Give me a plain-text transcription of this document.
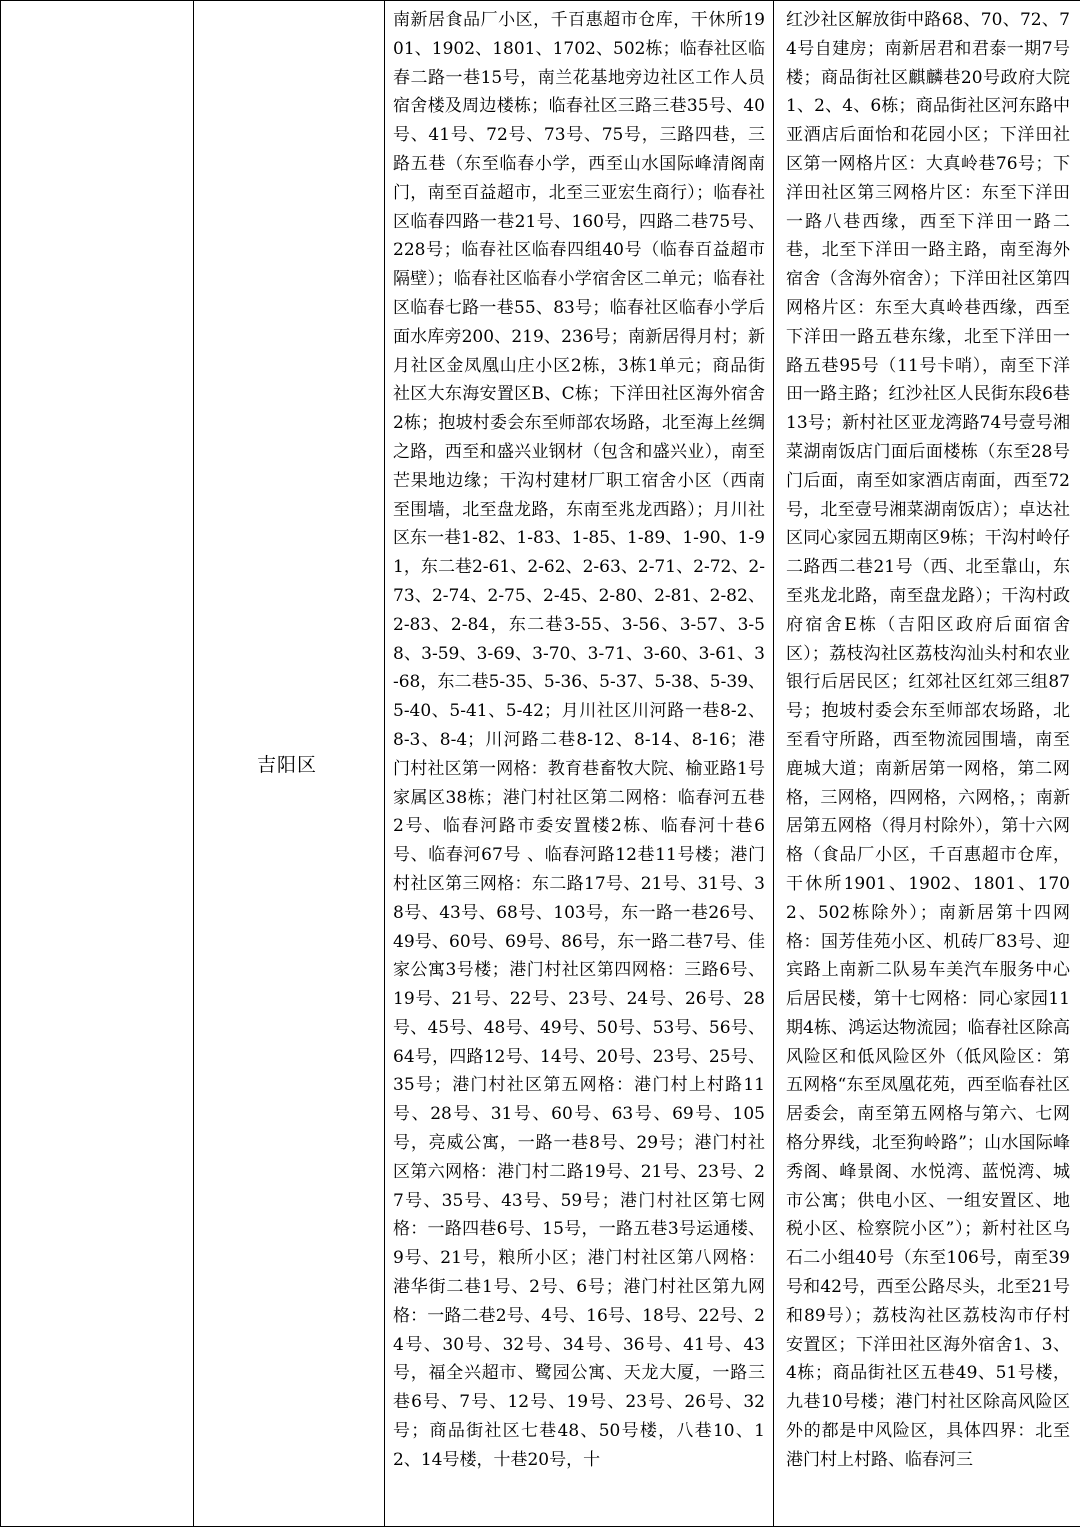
吉阳区
南新居食品厂小区，千百惠超市仓库，干休所1901、1902、1801、1702、502栋；临春社区临春二路一巷15号，南兰花基地旁边社区工作人员宿舍楼及周边楼栋；临春社区三路三巷35号、40号、41号、72号、73号、75号，三路四巷，三路五巷（东至临春小学，西至山水国际峰清阁南门，南至百益超市，北至三亚宏生商行）；临春社区临春四路一巷21号、160号，四路二巷75号、228号；临春社区临春四组40号（临春百益超市隔壁）；临春社区临春小学宿舍区二单元；临春社区临春七路一巷55、83号；临春社区临春小学后面水库旁200、219、236号；南新居得月村；新月社区金凤凰山庄小区2栋，3栋1单元；商品街社区大东海安置区B、C栋；下洋田社区海外宿舍2栋；抱坡村委会东至师部农场路，北至海上丝绸之路，西至和盛兴业钢材（包含和盛兴业），南至芒果地边缘；干沟村建材厂职工宿舍小区（西南至围墙，北至盘龙路，东南至兆龙西路）；月川社区东一巷1-82、1-83、1-85、1-89、1-90、1-91，东二巷2-61、2-62、2-63、2-71、2-72、2-73、2-74、2-75、2-45、2-80、2-81、2-82、2-83、2-84，东二巷3-55、3-56、3-57、3-58、3-59、3-69、3-70、3-71、3-60、3-61、3-68，东二巷5-35、5-36、5-37、5-38、5-39、5-40、5-41、5-42；月川社区川河路一巷8-2、8-3、8-4；川河路二巷8-12、8-14、8-16；港门村社区第一网格：教育巷畜牧大院、榆亚路1号家属区38栋；港门村社区第二网格：临春河五巷2号、临春河路市委安置楼2栋、临春河十巷6号、临春河67号 、临春河路12巷11号楼；港门村社区第三网格：东二路17号、21号、31号、38号、43号、68号、103号，东一路一巷26号、49号、60号、69号、86号，东一路二巷7号、佳家公寓3号楼；港门村社区第四网格：三路6号、19号、21号、22号、23号、24号、26号、28号、45号、48号、49号、50号、53号、56号、64号，四路12号、14号、20号、23号、25号、35号；港门村社区第五网格：港门村上村路11号、28号、31号、60号、63号、69号、105号，亮威公寓，一路一巷8号、29号；港门村社区第六网格：港门村二路19号、21号、23号、27号、35号、43号、59号；港门村社区第七网格：一路四巷6号、15号，一路五巷3号运通楼、9号、21号，粮所小区；港门村社区第八网格：港华街二巷1号、2号、6号；港门村社区第九网格：一路二巷2号、4号、16号、18号、22号、24号、30号、32号、34号、36号、41号、43号，福全兴超市、鹭园公寓、天龙大厦，一路三巷6号、7号、12号、19号、23号、26号、32号；商品街社区七巷48、50号楼，八巷10、12、14号楼，十巷20号，十
红沙社区解放街中路68、70、72、74号自建房；南新居君和君泰一期7号楼；商品街社区麒麟巷20号政府大院1、2、4、6栋；商品街社区河东路中亚酒店后面怡和花园小区；下洋田社区第一网格片区：大真岭巷76号；下洋田社区第三网格片区：东至下洋田一路八巷西缘，西至下洋田一路二巷，北至下洋田一路主路，南至海外宿舍（含海外宿舍）；下洋田社区第四网格片区：东至大真岭巷西缘，西至下洋田一路五巷东缘，北至下洋田一路五巷95号（11号卡哨），南至下洋田一路主路；红沙社区人民街东段6巷13号；新村社区亚龙湾路74号壹号湘菜湖南饭店门面后面楼栋（东至28号门后面，南至如家酒店南面，西至72号，北至壹号湘菜湖南饭店）；卓达社区同心家园五期南区9栋；干沟村岭仔二路西二巷21号（西、北至靠山，东至兆龙北路，南至盘龙路）；干沟村政府宿舍E栋（吉阳区政府后面宿舍区）；荔枝沟社区荔枝沟汕头村和农业银行后居民区；红郊社区红郊三组87号；抱坡村委会东至师部农场路，北至看守所路，西至物流园围墙，南至鹿城大道；南新居第一网格，第二网格，三网格，四网格，六网格，；南新居第五网格（得月村除外），第十六网格（食品厂小区，千百惠超市仓库，干休所1901、1902、1801、1702、502栋除外）；南新居第十四网格：国芳佳苑小区、机砖厂83号、迎宾路上南新二队易车美汽车服务中心后居民楼，第十七网格：同心家园11期4栋、鸿运达物流园；临春社区除高风险区和低风险区外（低风险区：第五网格“东至凤凰花苑，西至临春社区居委会，南至第五网格与第六、七网格分界线，北至狗岭路”；山水国际峰秀阁、峰景阁、水悦湾、蓝悦湾、城市公寓；供电小区、一组安置区、地税小区、检察院小区”）；新村社区乌石二小组40号（东至106号，南至39号和42号，西至公路尽头，北至21号和89号）；荔枝沟社区荔枝沟市仔村安置区；下洋田社区海外宿舍1、3、4栋；商品街社区五巷49、51号楼，九巷10号楼；港门村社区除高风险区外的都是中风险区，具体四界：北至港门村上村路、临春河三
